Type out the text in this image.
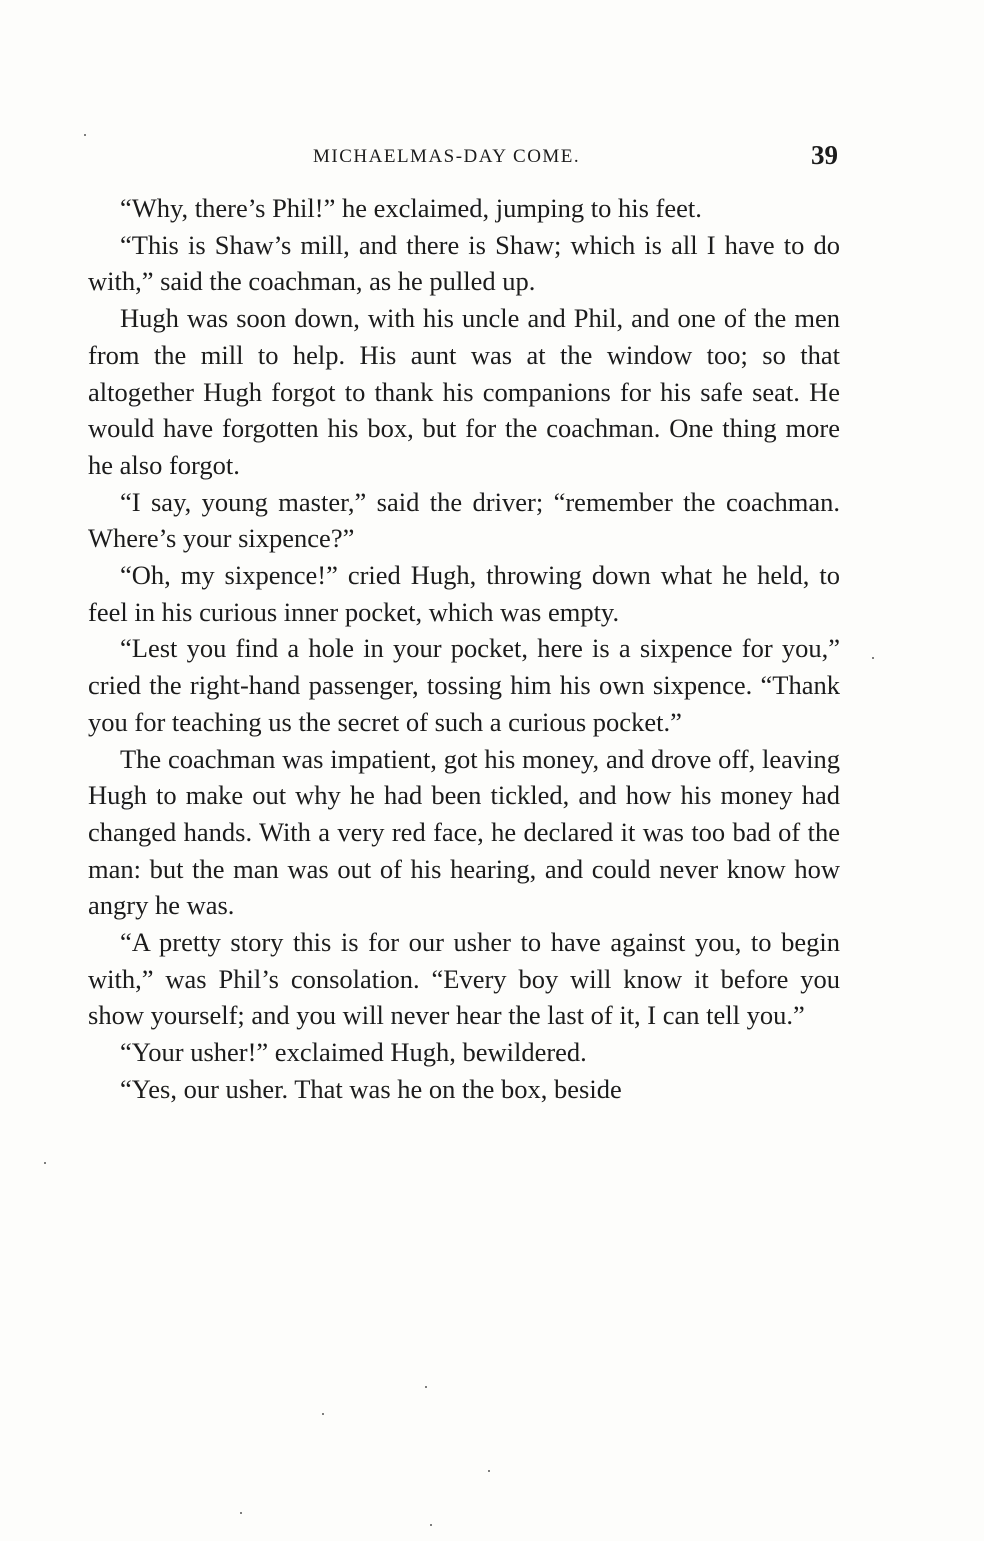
MICHAELMAS-DAY COME.	39

“Why, there’s Phil!” he exclaimed, jumping to his feet.

“This is Shaw’s mill, and there is Shaw; which is all I have to do with,” said the coachman, as he pulled up.

Hugh was soon down, with his uncle and Phil, and one of the men from the mill to help. His aunt was at the window too; so that altogether Hugh forgot to thank his companions for his safe seat. He would have forgotten his box, but for the coachman. One thing more he also forgot.

“I say, young master,” said the driver; “remember the coachman. Where’s your sixpence?”

“Oh, my sixpence!” cried Hugh, throwing down what he held, to feel in his curious inner pocket, which was empty.

“Lest you find a hole in your pocket, here is a sixpence for you,” cried the right-hand passenger, tossing him his own sixpence. “Thank you for teaching us the secret of such a curious pocket.”

The coachman was impatient, got his money, and drove off, leaving Hugh to make out why he had been tickled, and how his money had changed hands. With a very red face, he declared it was too bad of the man: but the man was out of his hearing, and could never know how angry he was.

“A pretty story this is for our usher to have against you, to begin with,” was Phil’s consolation. “Every boy will know it before you show yourself; and you will never hear the last of it, I can tell you.”

“Your usher!” exclaimed Hugh, bewildered.

“Yes, our usher. That was he on the box, beside
